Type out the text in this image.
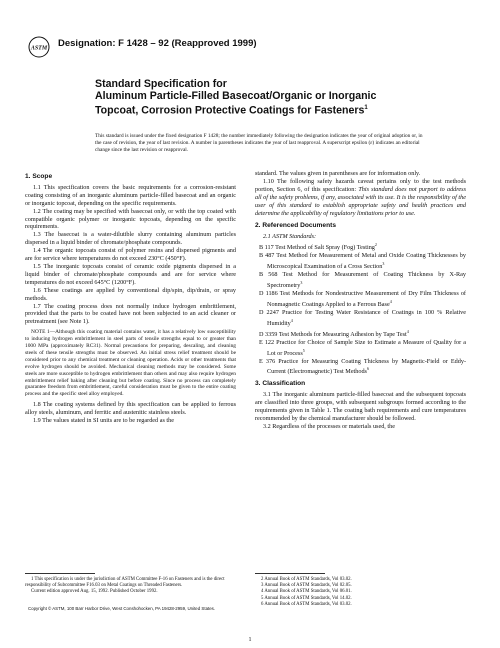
ASTM Designation: F 1428 – 92 (Reapproved 1999)
Standard Specification for
Aluminum Particle-Filled Basecoat/Organic or Inorganic
Topcoat, Corrosion Protective Coatings for Fasteners$^1$
This standard is issued under the fixed designation F 1428; the number immediately following the designation indicates the year of original adoption or, in the case of revision, the year of last revision. A number in parentheses indicates the year of last reapproval. A superscript epsilon (ε) indicates an editorial change since the last revision or reapproval.
1. Scope

1.1 This specification covers the basic requirements for a corrosion-resistant coating consisting of an inorganic aluminum particle-filled basecoat and an organic or inorganic topcoat, depending on the specific requirements.

1.2 The coating may be specified with basecoat only, or with the top coated with compatible organic polymer or inorganic topcoats, depending on the specific requirements.

1.3 The basecoat is a water-dilutible slurry containing aluminum particles dispersed in a liquid binder of chromate/phosphate compounds.

1.4 The organic topcoats consist of polymer resins and dispersed pigments and are for service where temperatures do not exceed 230°C (450°F).

1.5 The inorganic topcoats consist of ceramic oxide pigments dispersed in a liquid binder of chromate/phosphate compounds and are for service where temperatures do not exceed 645°C (1200°F).

1.6 These coatings are applied by conventional dip/spin, dip/drain, or spray methods.

1.7 The coating process does not normally induce hydrogen embrittlement, provided that the parts to be coated have not been subjected to an acid cleaner or pretreatment (see Note 1).

NOTE 1—Although this coating material contains water, it has a relatively low susceptibility to inducing hydrogen embrittlement in steel parts of tensile strengths equal to or greater than 1000 MPa (approximately RC31). Normal precautions for preparing, descaling, and cleaning steels of these tensile strengths must be observed. An initial stress relief treatment should be considered prior to any chemical treatment or cleaning operation. Acids or other treatments that evolve hydrogen should be avoided. Mechanical cleaning methods may be considered. Some steels are more susceptible to hydrogen embrittlement than others and may also require hydrogen embrittlement relief baking after cleaning but before coating. Since no process can completely guarantee freedom from embrittlement, careful consideration must be given to the entire coating process and the specific steel alloy employed.

1.8 The coating systems defined by this specification can be applied to ferrous alloy steels, aluminum, and ferritic and austenitic stainless steels.

1.9 The values stated in SI units are to be regarded as the

standard. The values given in parentheses are for information only.

1.10 The following safety hazards caveat pertains only to the test methods portion, Section 6, of this specification: This standard does not purport to address all of the safety problems, if any, associated with its use. It is the responsibility of the user of this standard to establish appropriate safety and health practices and determine the applicability of regulatory limitations prior to use.

2. Referenced Documents

2.1 ASTM Standards:

B 117 Test Method of Salt Spray (Fog) Testing$^2$

B 487 Test Method for Measurement of Metal and Oxide Coating Thicknesses by Microscopical Examination of a Cross Section$^3$

B 568 Test Method for Measurement of Coating Thickness by X-Ray Spectrometry$^3$

D 1186 Test Methods for Nondestructive Measurement of Dry Film Thickness of Nonmagnetic Coatings Applied to a Ferrous Base$^4$

D 2247 Practice for Testing Water Resistance of Coatings in 100 % Relative Humidity$^4$

D 3359 Test Methods for Measuring Adhesion by Tape Test$^4$

E 122 Practice for Choice of Sample Size to Estimate a Measure of Quality for a Lot or Process$^5$

E 376 Practice for Measuring Coating Thickness by Magnetic-Field or Eddy-Current (Electromagnetic) Test Methods$^6$

3. Classification

3.1 The inorganic aluminum particle-filled basecoat and the subsequent topcoats are classified into three groups, with subsequent subgroups formed according to the requirements given in Table 1. The coating bath requirements and cure temperatures recommended by the chemical manufacturer should be followed.

3.2 Regardless of the processes or materials used, the

1 This specification is under the jurisdiction of ASTM Committee F-16 on Fasteners and is the direct responsibility of Subcommittee F16.03 on Metal Coatings on Threaded Fasteners.
Current edition approved Aug. 15, 1992. Published October 1992.
2 Annual Book of ASTM Standards, Vol 03.02.
3 Annual Book of ASTM Standards, Vol 02.05.
4 Annual Book of ASTM Standards, Vol 06.01.
5 Annual Book of ASTM Standards, Vol 14.02.
6 Annual Book of ASTM Standards, Vol 03.02.
Copyright © ASTM, 100 Barr Harbor Drive, West Conshohocken, PA 19428-2959, United States.
1
